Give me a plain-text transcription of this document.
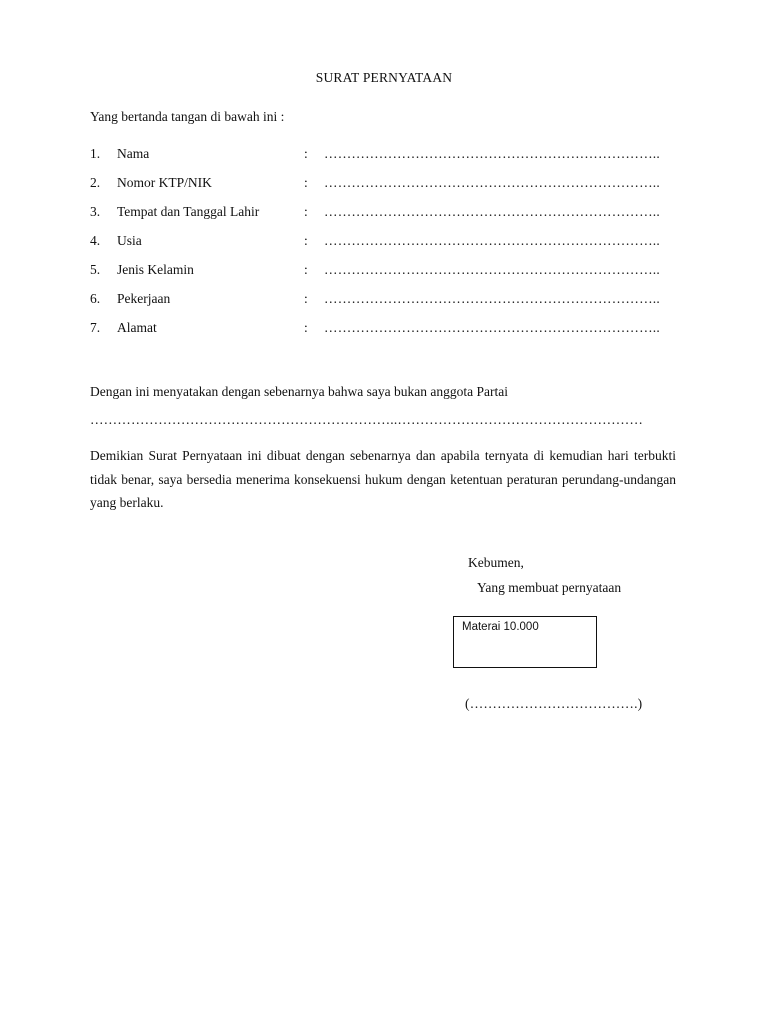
SURAT PERNYATAAN
Yang bertanda tangan di bawah ini :
1. Nama	: ………………………………………………………………..
2. Nomor KTP/NIK	: ………………………………………………………………..
3. Tempat dan Tanggal Lahir	: ………………………………………………………………..
4. Usia	: ………………………………………………………………..
5. Jenis Kelamin	: ………………………………………………………………..
6. Pekerjaan	: ………………………………………………………………..
7. Alamat	: ………………………………………………………………..
Dengan ini menyatakan dengan sebenarnya bahwa saya bukan anggota Partai
…………………………………………………………..………………………………………………
Demikian Surat Pernyataan ini dibuat dengan sebenarnya dan apabila ternyata di kemudian hari terbukti tidak benar, saya bersedia menerima konsekuensi hukum dengan ketentuan peraturan perundang-undangan yang berlaku.
Kebumen,
Yang membuat pernyataan
Materai 10.000
(……………………………….)
